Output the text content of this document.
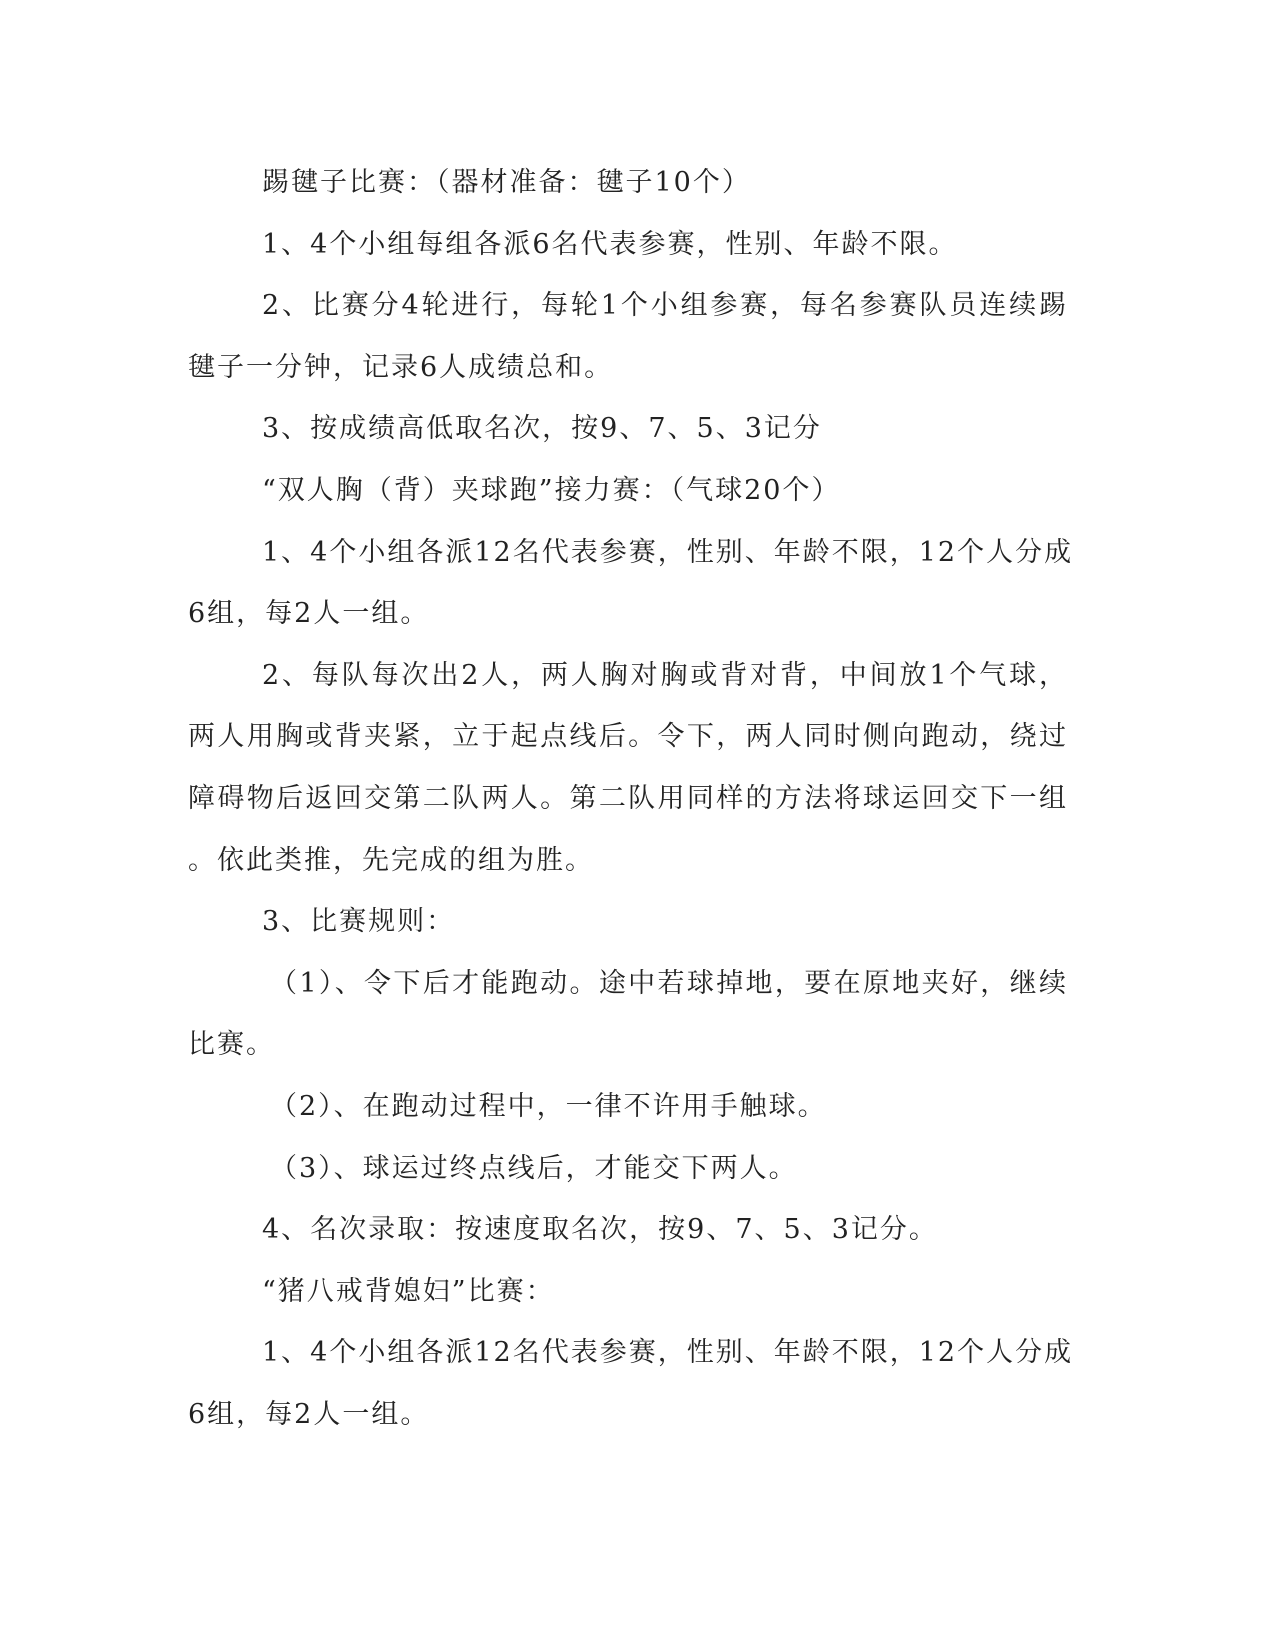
踢毽子比赛：（器材准备：毽子10个）
1、4个小组每组各派6名代表参赛，性别、年龄不限。
2、比赛分4轮进行，每轮1个小组参赛，每名参赛队员连续踢
毽子一分钟，记录6人成绩总和。
3、按成绩高低取名次，按9、7、5、3记分
“双人胸（背）夹球跑”接力赛：（气球20个）
1、4个小组各派12名代表参赛，性别、年龄不限，12个人分成
6组，每2人一组。
2、每队每次出2人，两人胸对胸或背对背，中间放1个气球，
两人用胸或背夹紧，立于起点线后。令下，两人同时侧向跑动，绕过
障碍物后返回交第二队两人。第二队用同样的方法将球运回交下一组
。依此类推，先完成的组为胜。
3、比赛规则：
（1）、令下后才能跑动。途中若球掉地，要在原地夹好，继续
比赛。
（2）、在跑动过程中，一律不许用手触球。
（3）、球运过终点线后，才能交下两人。
4、名次录取：按速度取名次，按9、7、5、3记分。
“猪八戒背媳妇”比赛：
1、4个小组各派12名代表参赛，性别、年龄不限，12个人分成
6组，每2人一组。
